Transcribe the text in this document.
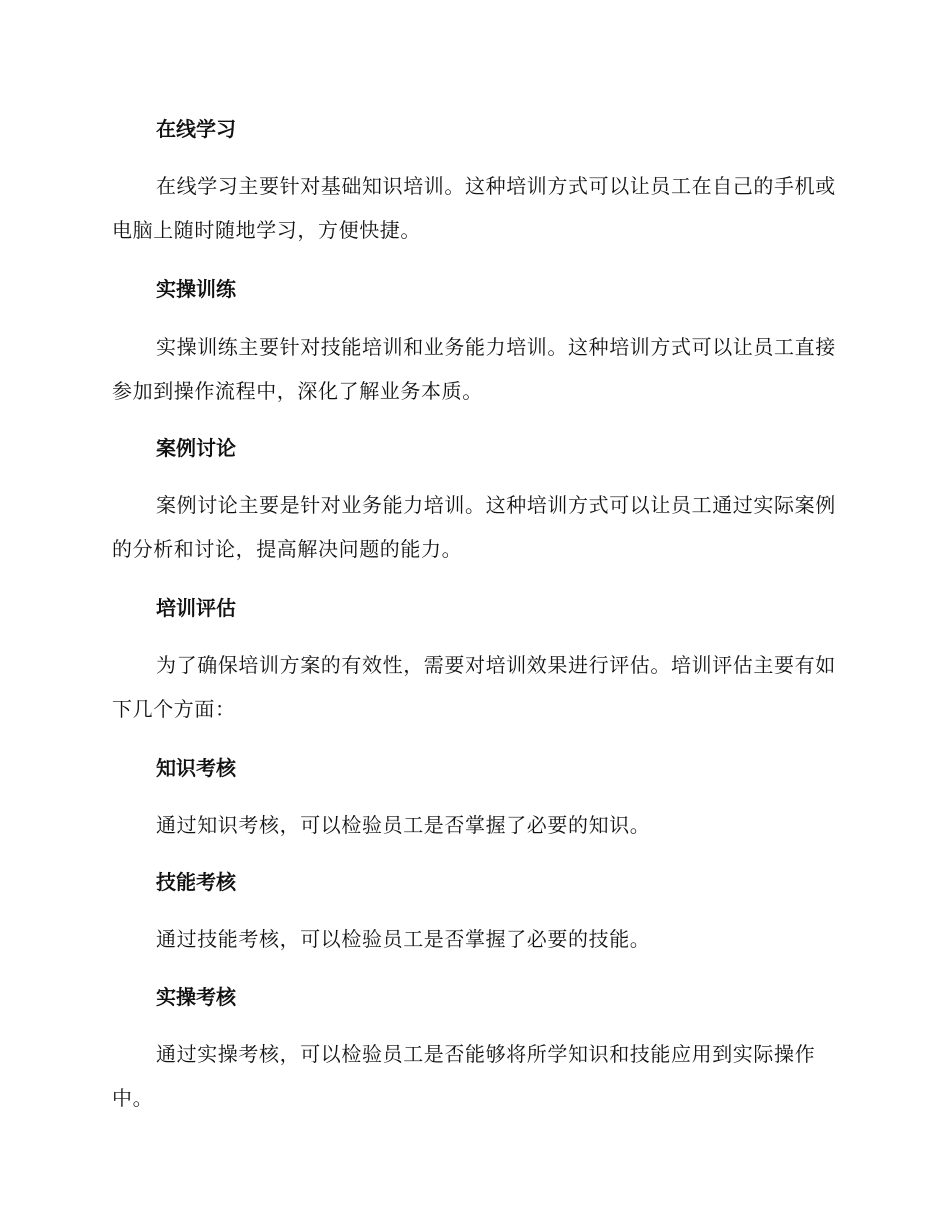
在线学习
在线学习主要针对基础知识培训。这种培训方式可以让员工在自己的手机或电脑上随时随地学习，方便快捷。
实操训练
实操训练主要针对技能培训和业务能力培训。这种培训方式可以让员工直接参加到操作流程中，深化了解业务本质。
案例讨论
案例讨论主要是针对业务能力培训。这种培训方式可以让员工通过实际案例的分析和讨论，提高解决问题的能力。
培训评估
为了确保培训方案的有效性，需要对培训效果进行评估。培训评估主要有如下几个方面：
知识考核
通过知识考核，可以检验员工是否掌握了必要的知识。
技能考核
通过技能考核，可以检验员工是否掌握了必要的技能。
实操考核
通过实操考核，可以检验员工是否能够将所学知识和技能应用到实际操作中。
